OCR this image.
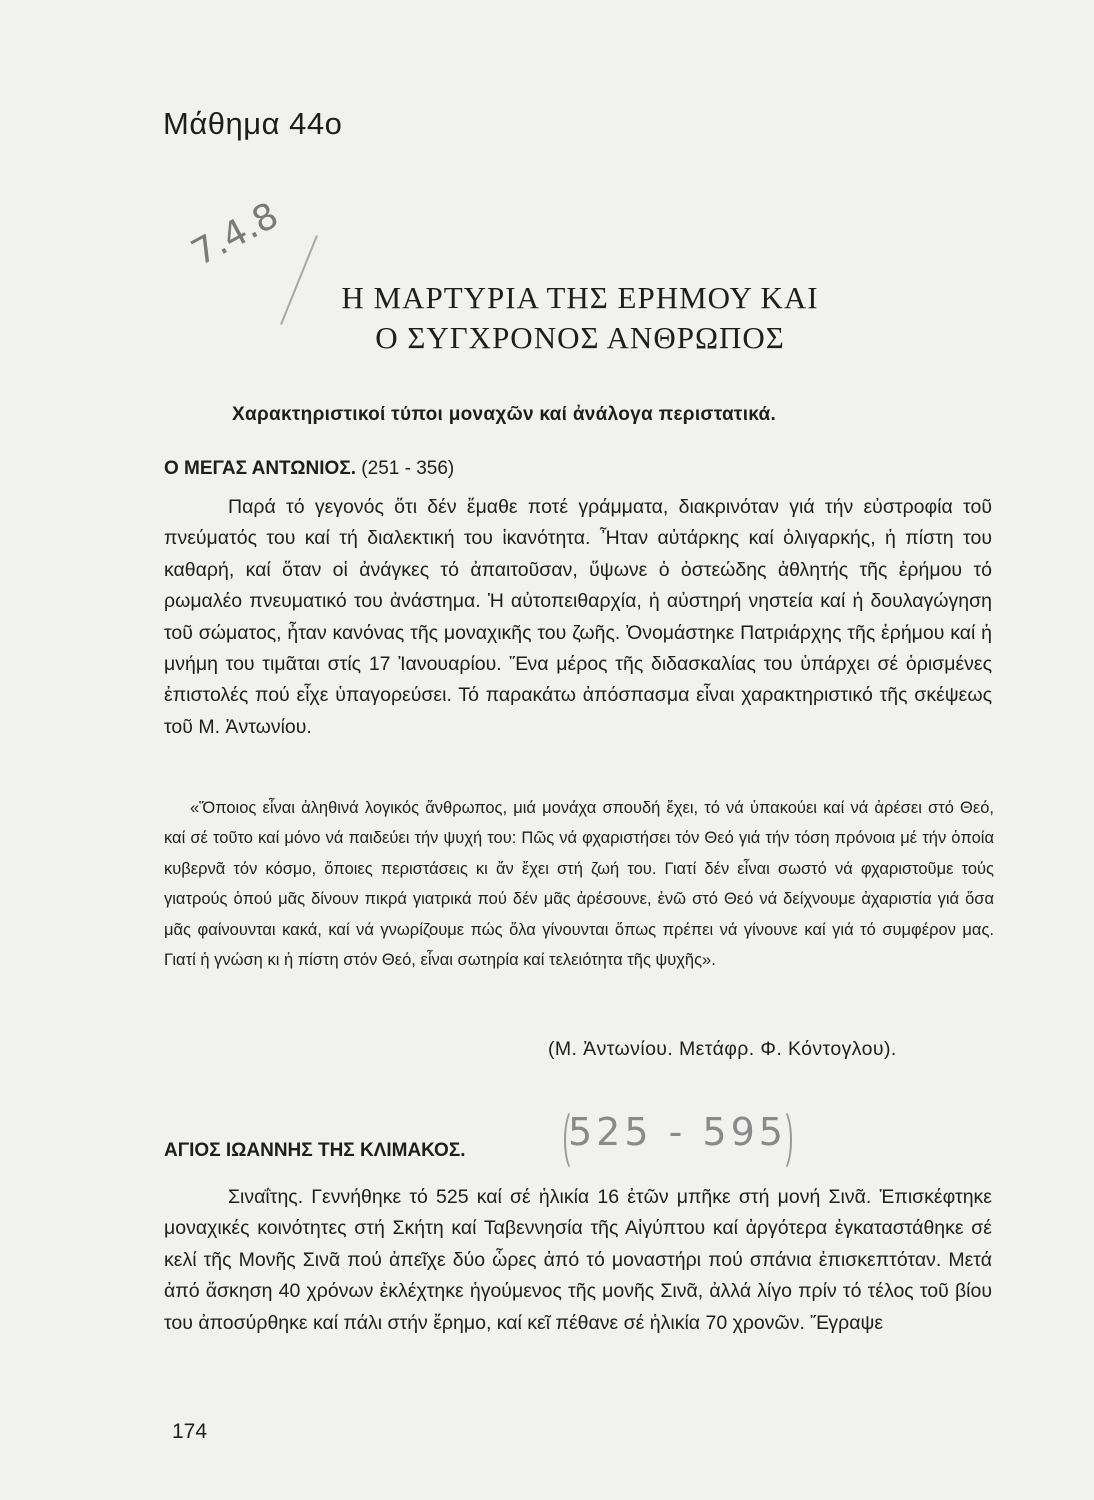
Μάθημα 44ο
7.4.8
Η ΜΑΡΤΥΡΙΑ ΤΗΣ ΕΡΗΜΟΥ ΚΑΙ
Ο ΣΥΓΧΡΟΝΟΣ ΑΝΘΡΩΠΟΣ

Χαρακτηριστικοί τύποι μοναχῶν καί ἀνάλογα περιστατικά.

Ο ΜΕΓΑΣ ΑΝΤΩΝΙΟΣ. (251 - 356)

Παρά τό γεγονός ὅτι δέν ἔμαθε ποτέ γράμματα, διακρινόταν γιά τήν εὐστροφία τοῦ πνεύματός του καί τή διαλεκτική του ἱκανότητα. Ἦταν αὐτάρκης καί ὀλιγαρκής, ἡ πίστη του καθαρή, καί ὅταν οἱ ἀνάγκες τό ἀπαιτοῦσαν, ὕψωνε ὁ ὀστεώδης ἀθλητής τῆς ἐρήμου τό ρωμαλέο πνευματικό του ἀνάστημα. Ἡ αὐτοπειθαρχία, ἡ αὐστηρή νηστεία καί ἡ δουλαγώγηση τοῦ σώματος, ἦταν κανόνας τῆς μοναχικῆς του ζωῆς. Ὀνομάστηκε Πατριάρχης τῆς ἐρήμου καί ἡ μνήμη του τιμᾶται στίς 17 Ἰανουαρίου. Ἕνα μέρος τῆς διδασκαλίας του ὑπάρχει σέ ὁρισμένες ἐπιστολές πού εἶχε ὑπαγορεύσει. Τό παρακάτω ἀπόσπασμα εἶναι χαρακτηριστικό τῆς σκέψεως τοῦ Μ. Ἀντωνίου.

«Ὅποιος εἶναι ἀληθινά λογικός ἄνθρωπος, μιά μονάχα σπουδή ἔχει, τό νά ὑπακούει καί νά ἀρέσει στό Θεό, καί σέ τοῦτο καί μόνο νά παιδεύει τήν ψυχή του: Πῶς νά φχαριστήσει τόν Θεό γιά τήν τόση πρόνοια μέ τήν ὁποία κυβερνᾶ τόν κόσμο, ὅποιες περιστάσεις κι ἄν ἔχει στή ζωή του. Γιατί δέν εἶναι σωστό νά φχαριστοῦμε τούς γιατρούς ὁπού μᾶς δίνουν πικρά γιατρικά πού δέν μᾶς ἀρέσουνε, ἐνῶ στό Θεό νά δείχνουμε ἀχαριστία γιά ὅσα μᾶς φαίνουνται κακά, καί νά γνωρίζουμε πώς ὅλα γίνουνται ὅπως πρέπει νά γίνουνε καί γιά τό συμφέρον μας. Γιατί ἡ γνώση κι ἡ πίστη στόν Θεό, εἶναι σωτηρία καί τελειότητα τῆς ψυχῆς».

(Μ. Ἀντωνίου. Μετάφρ. Φ. Κόντογλου).

ΑΓΙΟΣ ΙΩΑΝΝΗΣ ΤΗΣ ΚΛΙΜΑΚΟΣ.	525 - 595

Σιναΐτης. Γεννήθηκε τό 525 καί σέ ἡλικία 16 ἐτῶν μπῆκε στή μονή Σινᾶ. Ἐπισκέφτηκε μοναχικές κοινότητες στή Σκήτη καί Ταβεννησία τῆς Αἰγύπτου καί ἀργότερα ἐγκαταστάθηκε σέ κελί τῆς Μονῆς Σινᾶ πού ἀπεῖχε δύο ὧρες ἀπό τό μοναστήρι πού σπάνια ἐπισκεπτόταν. Μετά ἀπό ἄσκηση 40 χρόνων ἐκλέχτηκε ἡγούμενος τῆς μονῆς Σινᾶ, ἀλλά λίγο πρίν τό τέλος τοῦ βίου του ἀποσύρθηκε καί πάλι στήν ἔρημο, καί κεῖ πέθανε σέ ἡλικία 70 χρονῶν. Ἔγραψε

174
